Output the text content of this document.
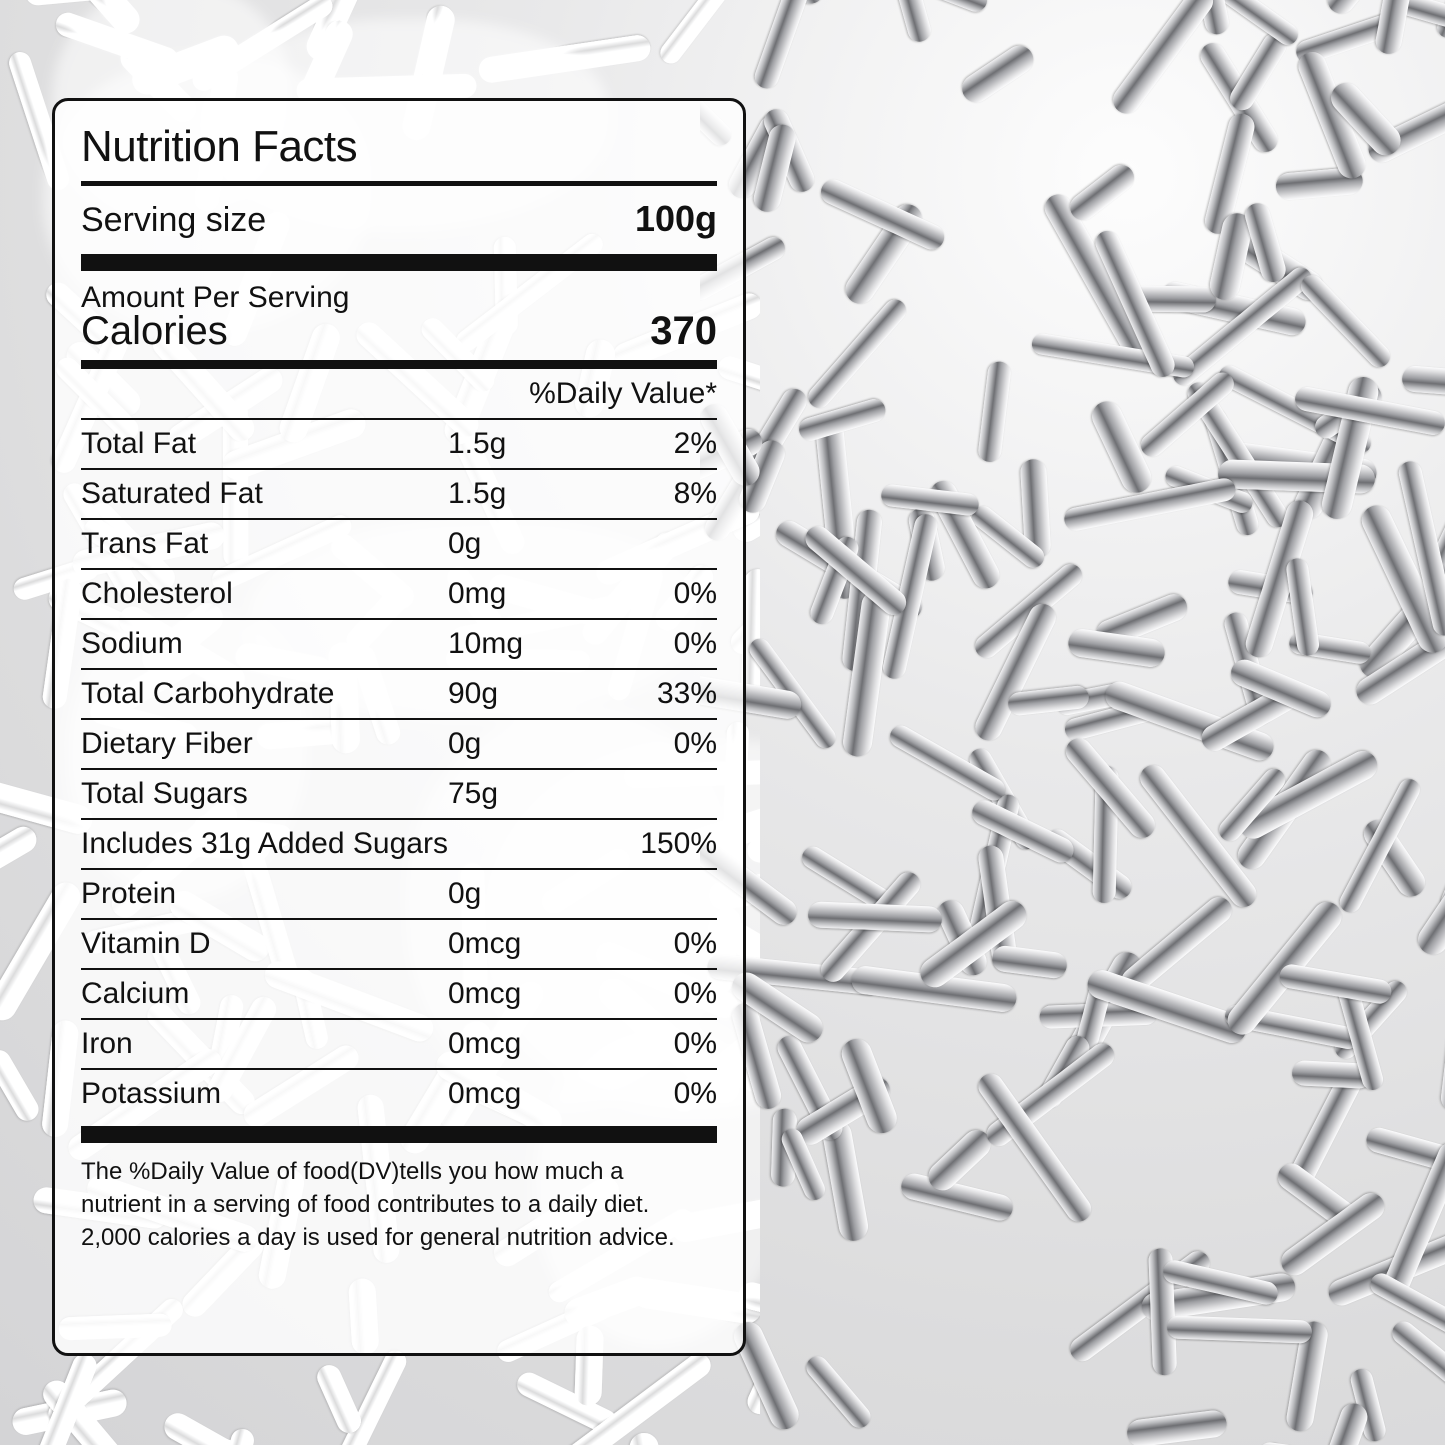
Nutrition Facts
Serving size	100g
Amount Per Serving
Calories	370
%Daily Value*
Total Fat	1.5g	2%
Saturated Fat	1.5g	8%
Trans Fat	0g	
Cholesterol	0mg	0%
Sodium	10mg	0%
Total Carbohydrate	90g	33%
Dietary Fiber	0g	0%
Total Sugars	75g	
Includes 31g Added Sugars		150%
Protein	0g	
Vitamin D	0mcg	0%
Calcium	0mcg	0%
Iron	0mcg	0%
Potassium	0mcg	0%

The %Daily Value of food(DV)tells you how much a

nutrient in a serving of food contributes to a daily diet.

2,000 calories a day is used for general nutrition advice.
